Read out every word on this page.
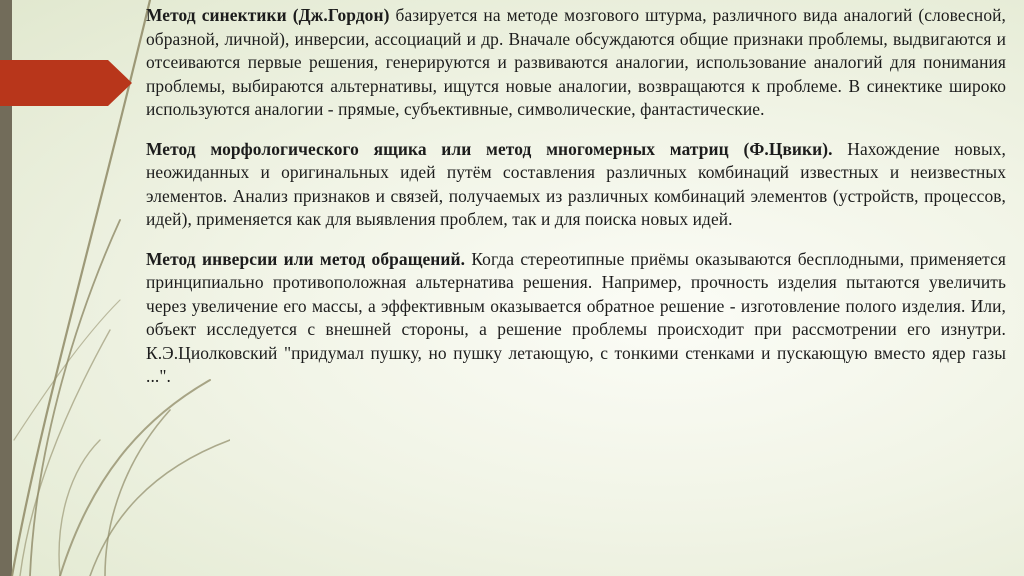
Метод синектики (Дж.Гордон) базируется на методе мозгового штурма, различного вида аналогий (словесной, образной, личной), инверсии, ассоциаций и др. Вначале обсуждаются общие признаки проблемы, выдвигаются и отсеиваются первые решения, генерируются и развиваются аналогии, использование аналогий для понимания проблемы, выбираются альтернативы, ищутся новые аналогии, возвращаются к проблеме. В синектике широко используются аналогии - прямые, субъективные, символические, фантастические.

Метод морфологического ящика или метод многомерных матриц (Ф.Цвики). Нахождение новых, неожиданных и оригинальных идей путём составления различных комбинаций известных и неизвестных элементов. Анализ признаков и связей, получаемых из различных комбинаций элементов (устройств, процессов, идей), применяется как для выявления проблем, так и для поиска новых идей.

Метод инверсии или метод обращений. Когда стереотипные приёмы оказываются бесплодными, применяется принципиально противоположная альтернатива решения. Например, прочность изделия пытаются увеличить через увеличение его массы, а эффективным оказывается обратное решение - изготовление полого изделия. Или, объект исследуется с внешней стороны, а решение проблемы происходит при рассмотрении его изнутри. К.Э.Циолковский "придумал пушку, но пушку летающую, с тонкими стенками и пускающую вместо ядер газы ...".
